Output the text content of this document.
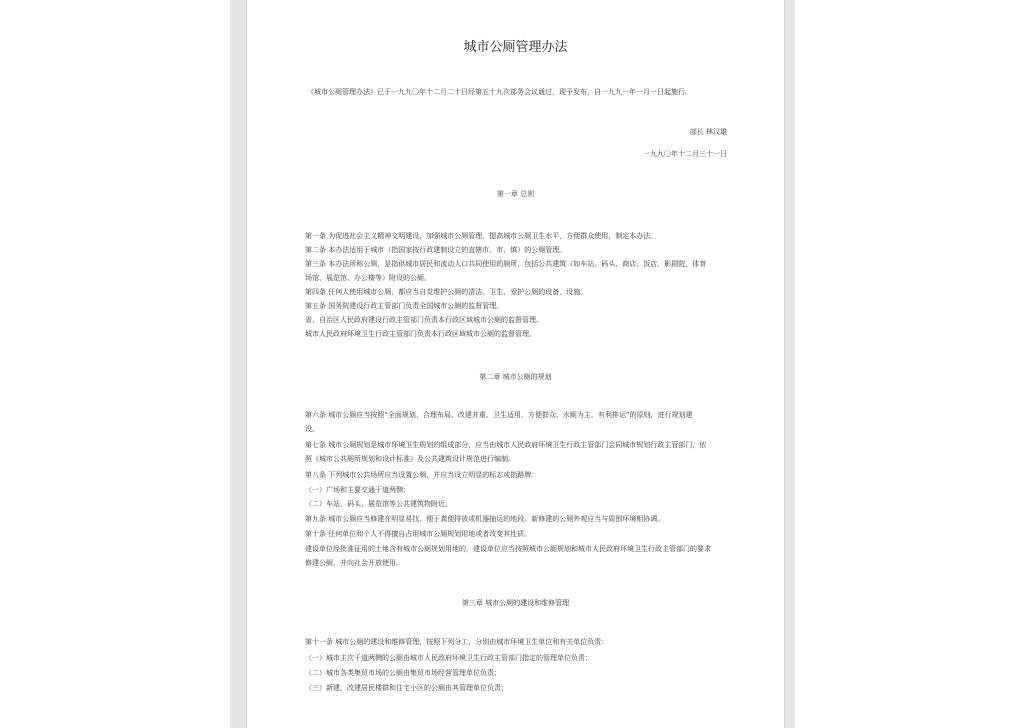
城市公厕管理办法
《城市公厕管理办法》已于一九九〇年十二月二十日经第五十九次部务会议通过，现予发布，自一九九一年一月一日起施行。
部长 林汉雄
一九九〇年十二月三十一日
第一章 总则
第一条 为促进社会主义精神文明建设，加强城市公厕管理，提高城市公厕卫生水平，方便群众使用，制定本办法。
第二条 本办法适用于城市（指国家按行政建制设立的直辖市、市、镇）的公厕管理。
第三条 本办法所称公厕，是指供城市居民和流动人口共同使用的厕所，包括公共建筑（如车站、码头、商店、饭店、影剧院、体育
场馆、展览馆、办公楼等）附设的公厕。
第四条 任何人使用城市公厕，都应当自觉维护公厕的清洁、卫生，爱护公厕的设备、设施。
第五条 国务院建设行政主管部门负责全国城市公厕的监督管理。
省、自治区人民政府建设行政主管部门负责本行政区域城市公厕的监督管理。
城市人民政府环境卫生行政主管部门负责本行政区域城市公厕的监督管理。
第二章 城市公厕的规划
第六条 城市公厕应当按照“全面规划、合理布局、改建并重、卫生适用、方便群众、水厕为主、有利排运”的原则，进行规划建
设。
第七条 城市公厕规划是城市环境卫生规划的组成部分，应当由城市人民政府环境卫生行政主管部门会同城市规划行政主管部门，依
照《城市公共厕所规划和设计标准》及公共建筑设计规范进行编制。
第八条 下列城市公共场所应当设置公厕，并应当设立明显的标志或指路牌：
（一）广场和主要交通干道两侧；
（二）车站、码头、展览馆等公共建筑物附近。
第九条 城市公厕应当修建在明显易找、便于粪便排放或机器抽运的地段。新修建的公厕外观应当与周围环境相协调。
第十条 任何单位和个人不得擅自占用城市公厕规划用地或者改变其性质。
建设单位经批准征用的土地含有城市公厕规划用地的，建设单位应当按照城市公厕规划和城市人民政府环境卫生行政主管部门的要求
修建公厕，并向社会开放使用。
第三章 城市公厕的建设和维修管理
第十一条 城市公厕的建设和维修管理，按照下列分工，分别由城市环境卫生单位和有关单位负责：
（一）城市主次干道两侧的公厕由城市人民政府环境卫生行政主管部门指定的管理单位负责；
（二）城市各类集贸市场的公厕由集贸市场经营管理单位负责；
（三）新建、改建居民楼群和住宅小区的公厕由其管理单位负责；
